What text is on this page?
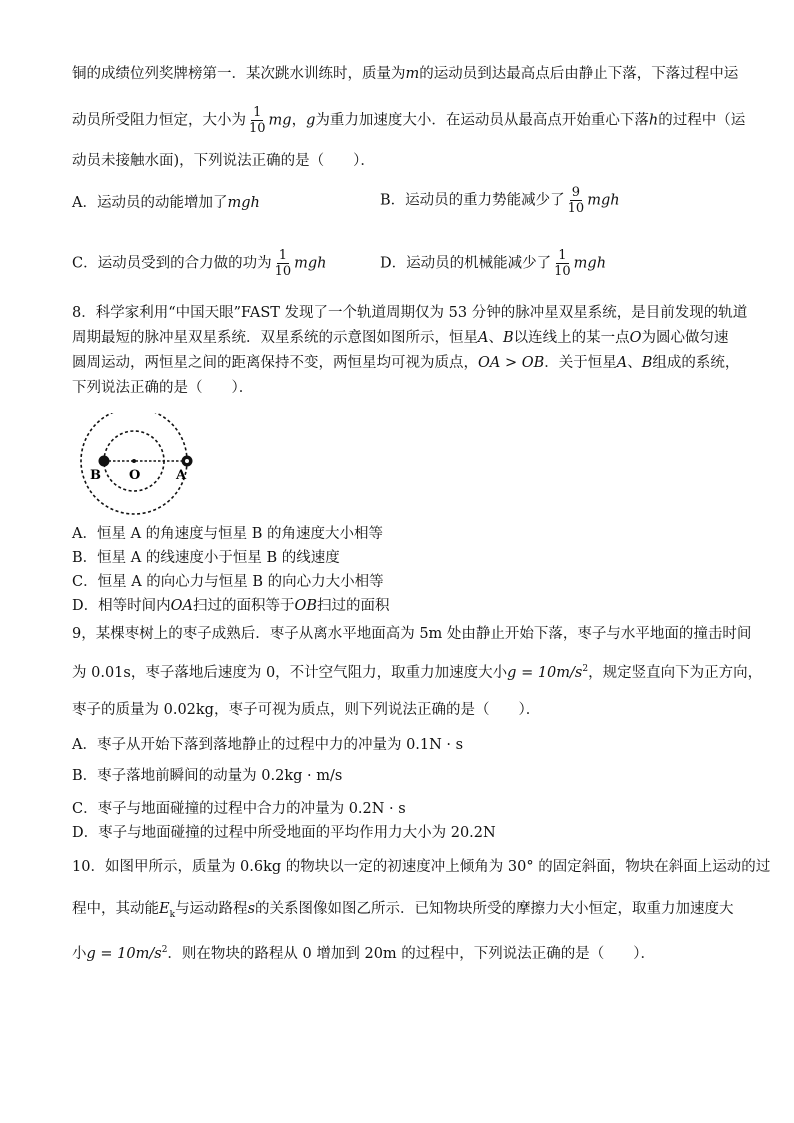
铜的成绩位列奖牌榜第一．某次跳水训练时，质量为m的运动员到达最高点后由静止下落，下落过程中运
动员所受阻力恒定，大小为 $\frac{1}{10}$ mg，g为重力加速度大小．在运动员从最高点开始重心下落h的过程中（运
动员未接触水面)，下列说法正确的是（　　）．
A．运动员的动能增加了mgh	B．运动员的重力势能减少了 $\frac{9}{10}$ mgh
C．运动员受到的合力做的功为 $\frac{1}{10}$ mgh	D．运动员的机械能减少了 $\frac{1}{10}$ mgh
8．科学家利用“中国天眼”FAST 发现了一个轨道周期仅为 53 分钟的脉冲星双星系统，是目前发现的轨道
周期最短的脉冲星双星系统．双星系统的示意图如图所示，恒星A、B以连线上的某一点O为圆心做匀速
圆周运动，两恒星之间的距离保持不变，两恒星均可视为质点，OA > OB．关于恒星A、B组成的系统，
下列说法正确的是（　　）．
B O	A
A．恒星 A 的角速度与恒星 B 的角速度大小相等
B．恒星 A 的线速度小于恒星 B 的线速度
C．恒星 A 的向心力与恒星 B 的向心力大小相等
D．相等时间内OA扫过的面积等于OB扫过的面积
9，某棵枣树上的枣子成熟后．枣子从离水平地面高为 5m 处由静止开始下落，枣子与水平地面的撞击时间
为 0.01s，枣子落地后速度为 0，不计空气阻力，取重力加速度大小$g = 10m/s^2$，规定竖直向下为正方向，
枣子的质量为 0.02kg，枣子可视为质点，则下列说法正确的是（　　）．
A．枣子从开始下落到落地静止的过程中力的冲量为 0.1N · s
B．枣子落地前瞬间的动量为 0.2kg · m/s
C．枣子与地面碰撞的过程中合力的冲量为 0.2N · s
D．枣子与地面碰撞的过程中所受地面的平均作用力大小为 20.2N
10．如图甲所示，质量为 0.6kg 的物块以一定的初速度冲上倾角为 30° 的固定斜面，物块在斜面上运动的过
程中，其动能$E_k$与运动路程s的关系图像如图乙所示．已知物块所受的摩擦力大小恒定，取重力加速度大
小$g = 10m/s^2$．则在物块的路程从 0 增加到 20m 的过程中，下列说法正确的是（　　）．
